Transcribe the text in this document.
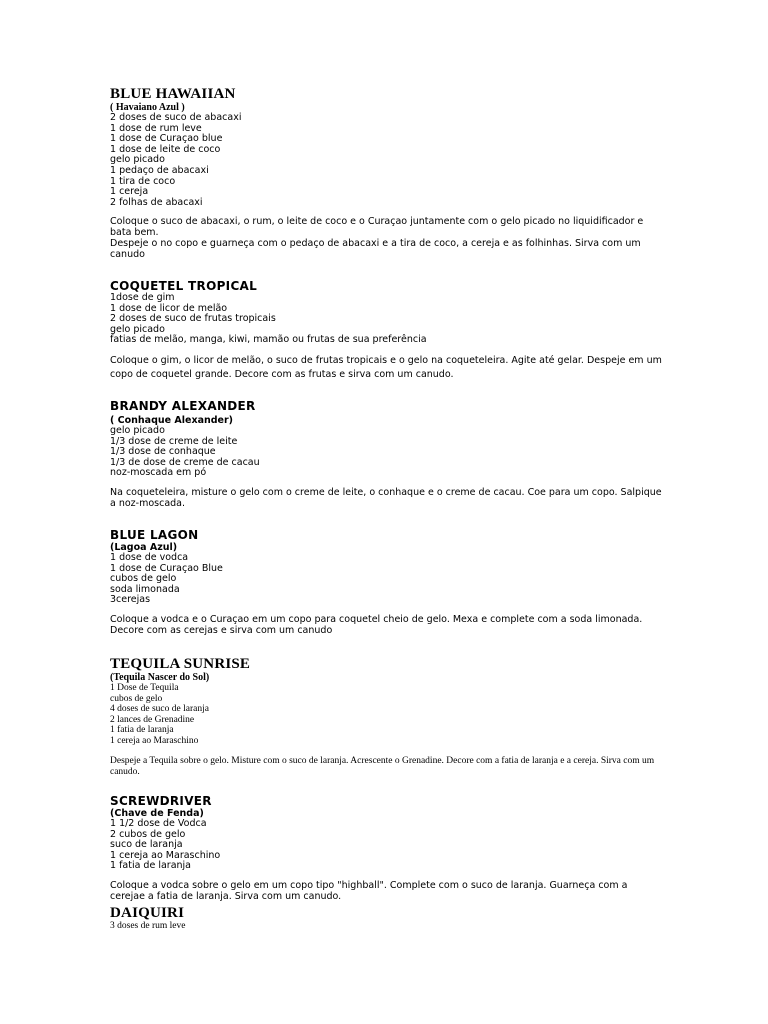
BLUE HAWAIIAN
( Havaiano Azul )
2 doses de suco de abacaxi
1 dose de rum leve
1 dose de Curaçao blue
1 dose de leite de coco
gelo picado
1 pedaço de abacaxi
1 tira de coco
1 cereja
2 folhas de abacaxi

Coloque o suco de abacaxi, o rum, o leite de coco e o Curaçao juntamente com o gelo picado no liquidificador e bata bem.

Despeje o no copo e guarneça com o pedaço de abacaxi e a tira de coco, a cereja e as folhinhas. Sirva com um canudo

COQUETEL TROPICAL
1dose de gim
1 dose de licor de melão
2 doses de suco de frutas tropicais
gelo picado
fatias de melão, manga, kiwi, mamão ou frutas de sua preferência

Coloque o gim, o licor de melão, o suco de frutas tropicais e o gelo na coqueteleira. Agite até gelar. Despeje em um copo de coquetel grande. Decore com as frutas e sirva com um canudo.

BRANDY ALEXANDER
( Conhaque Alexander)
gelo picado
1/3 dose de creme de leite
1/3 dose de conhaque
1/3 de dose de creme de cacau
noz-moscada em pó

Na coqueteleira, misture o gelo com o creme de leite, o conhaque e o creme de cacau. Coe para um copo. Salpique a noz-moscada.

BLUE LAGON
(Lagoa Azul)
1 dose de vodca
1 dose de Curaçao Blue
cubos de gelo
soda limonada
3cerejas

Coloque a vodca e o Curaçao em um copo para coquetel cheio de gelo. Mexa e complete com a soda limonada. Decore com as cerejas e sirva com um canudo

TEQUILA SUNRISE
(Tequila Nascer do Sol)
1 Dose de Tequila
cubos de gelo
4 doses de suco de laranja
2 lances de Grenadine
1 fatia de laranja
1 cereja ao Maraschino

Despeje a Tequila sobre o gelo. Misture com o suco de laranja. Acrescente o Grenadine. Decore com a fatia de laranja e a cereja. Sirva com um canudo.

SCREWDRIVER
(Chave de Fenda)
1 1/2 dose de Vodca
2 cubos de gelo
suco de laranja
1 cereja ao Maraschino
1 fatia de laranja

Coloque a vodca sobre o gelo em um copo tipo "highball". Complete com o suco de laranja. Guarneça com a cerejae a fatia de laranja. Sirva com um canudo.

DAIQUIRI
3 doses de rum leve
